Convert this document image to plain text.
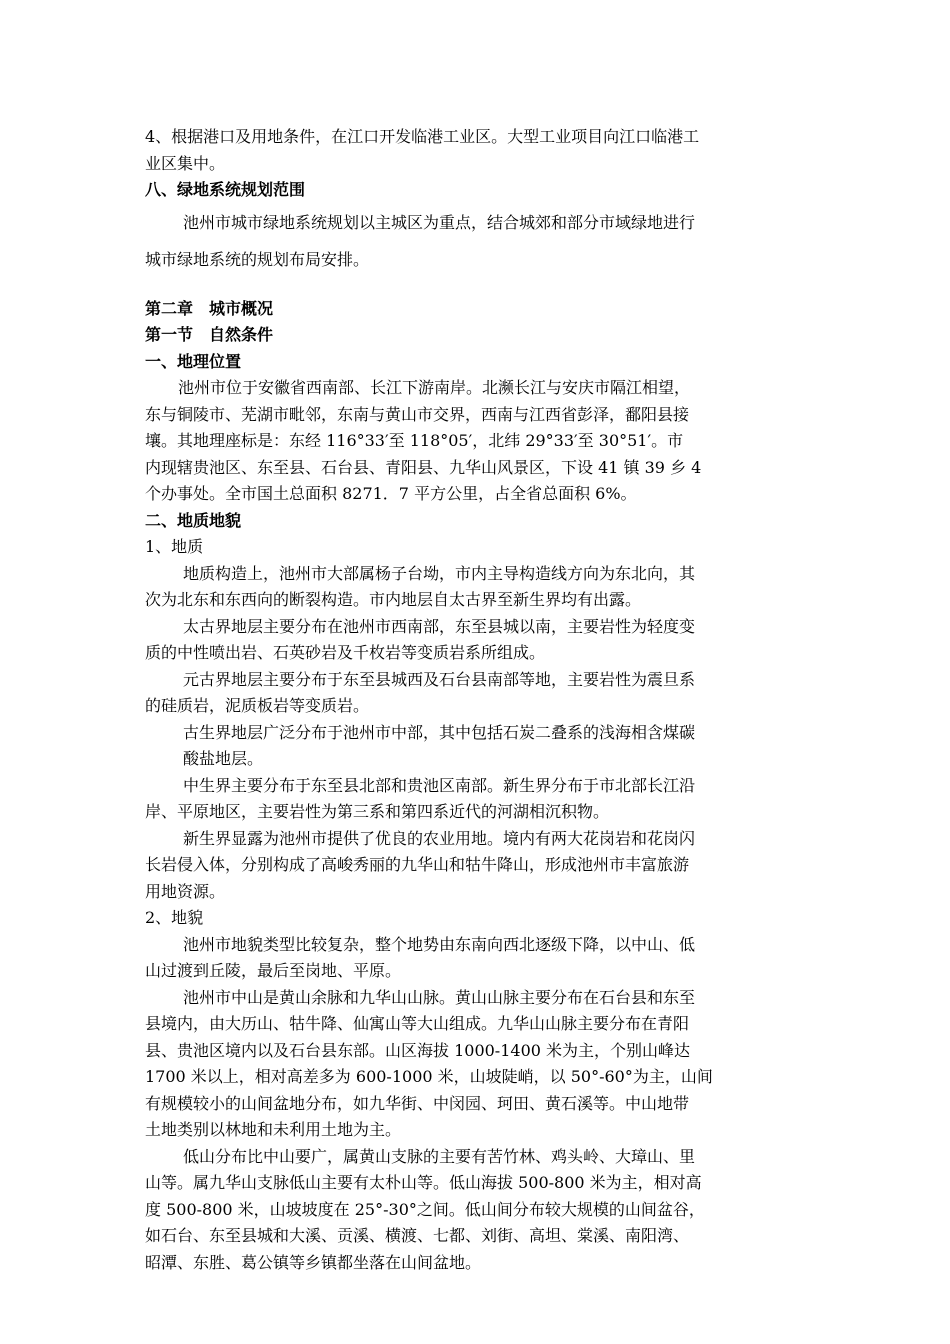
4、根据港口及用地条件，在江口开发临港工业区。大型工业项目向江口临港工

业区集中。

八、绿地系统规划范围

池州市城市绿地系统规划以主城区为重点，结合城郊和部分市域绿地进行

城市绿地系统的规划布局安排。

第二章　城市概况

第一节　自然条件

一、地理位置

池州市位于安徽省西南部、长江下游南岸。北濒长江与安庆市隔江相望，

东与铜陵市、芜湖市毗邻，东南与黄山市交界，西南与江西省彭泽，鄱阳县接

壤。其地理座标是：东经 116°33′至 118°05′，北纬 29°33′至 30°51′。市

内现辖贵池区、东至县、石台县、青阳县、九华山风景区，下设 41 镇 39 乡 4

个办事处。全市国土总面积 8271．7 平方公里，占全省总面积 6%。

二、地质地貌

1、地质

地质构造上，池州市大部属杨子台坳，市内主导构造线方向为东北向，其

次为北东和东西向的断裂构造。市内地层自太古界至新生界均有出露。

太古界地层主要分布在池州市西南部，东至县城以南，主要岩性为轻度变

质的中性喷出岩、石英砂岩及千枚岩等变质岩系所组成。

元古界地层主要分布于东至县城西及石台县南部等地，主要岩性为震旦系

的硅质岩，泥质板岩等变质岩。

古生界地层广泛分布于池州市中部，其中包括石炭二叠系的浅海相含煤碳

酸盐地层。

中生界主要分布于东至县北部和贵池区南部。新生界分布于市北部长江沿

岸、平原地区，主要岩性为第三系和第四系近代的河湖相沉积物。

新生界显露为池州市提供了优良的农业用地。境内有两大花岗岩和花岗闪

长岩侵入体，分别构成了高峻秀丽的九华山和牯牛降山，形成池州市丰富旅游

用地资源。

2、地貌

池州市地貌类型比较复杂，整个地势由东南向西北逐级下降，以中山、低

山过渡到丘陵，最后至岗地、平原。

池州市中山是黄山余脉和九华山山脉。黄山山脉主要分布在石台县和东至

县境内，由大历山、牯牛降、仙寓山等大山组成。九华山山脉主要分布在青阳

县、贵池区境内以及石台县东部。山区海拔 1000-1400 米为主，个别山峰达

1700 米以上，相对高差多为 600-1000 米，山坡陡峭，以 50°-60°为主，山间

有规模较小的山间盆地分布，如九华街、中闵园、珂田、黄石溪等。中山地带

土地类别以林地和未利用土地为主。

低山分布比中山要广，属黄山支脉的主要有苦竹林、鸡头岭、大璋山、里

山等。属九华山支脉低山主要有太朴山等。低山海拔 500-800 米为主，相对高

度 500-800 米，山坡坡度在 25°-30°之间。低山间分布较大规模的山间盆谷，

如石台、东至县城和大溪、贡溪、横渡、七都、刘街、高坦、棠溪、南阳湾、

昭潭、东胜、葛公镇等乡镇都坐落在山间盆地。
